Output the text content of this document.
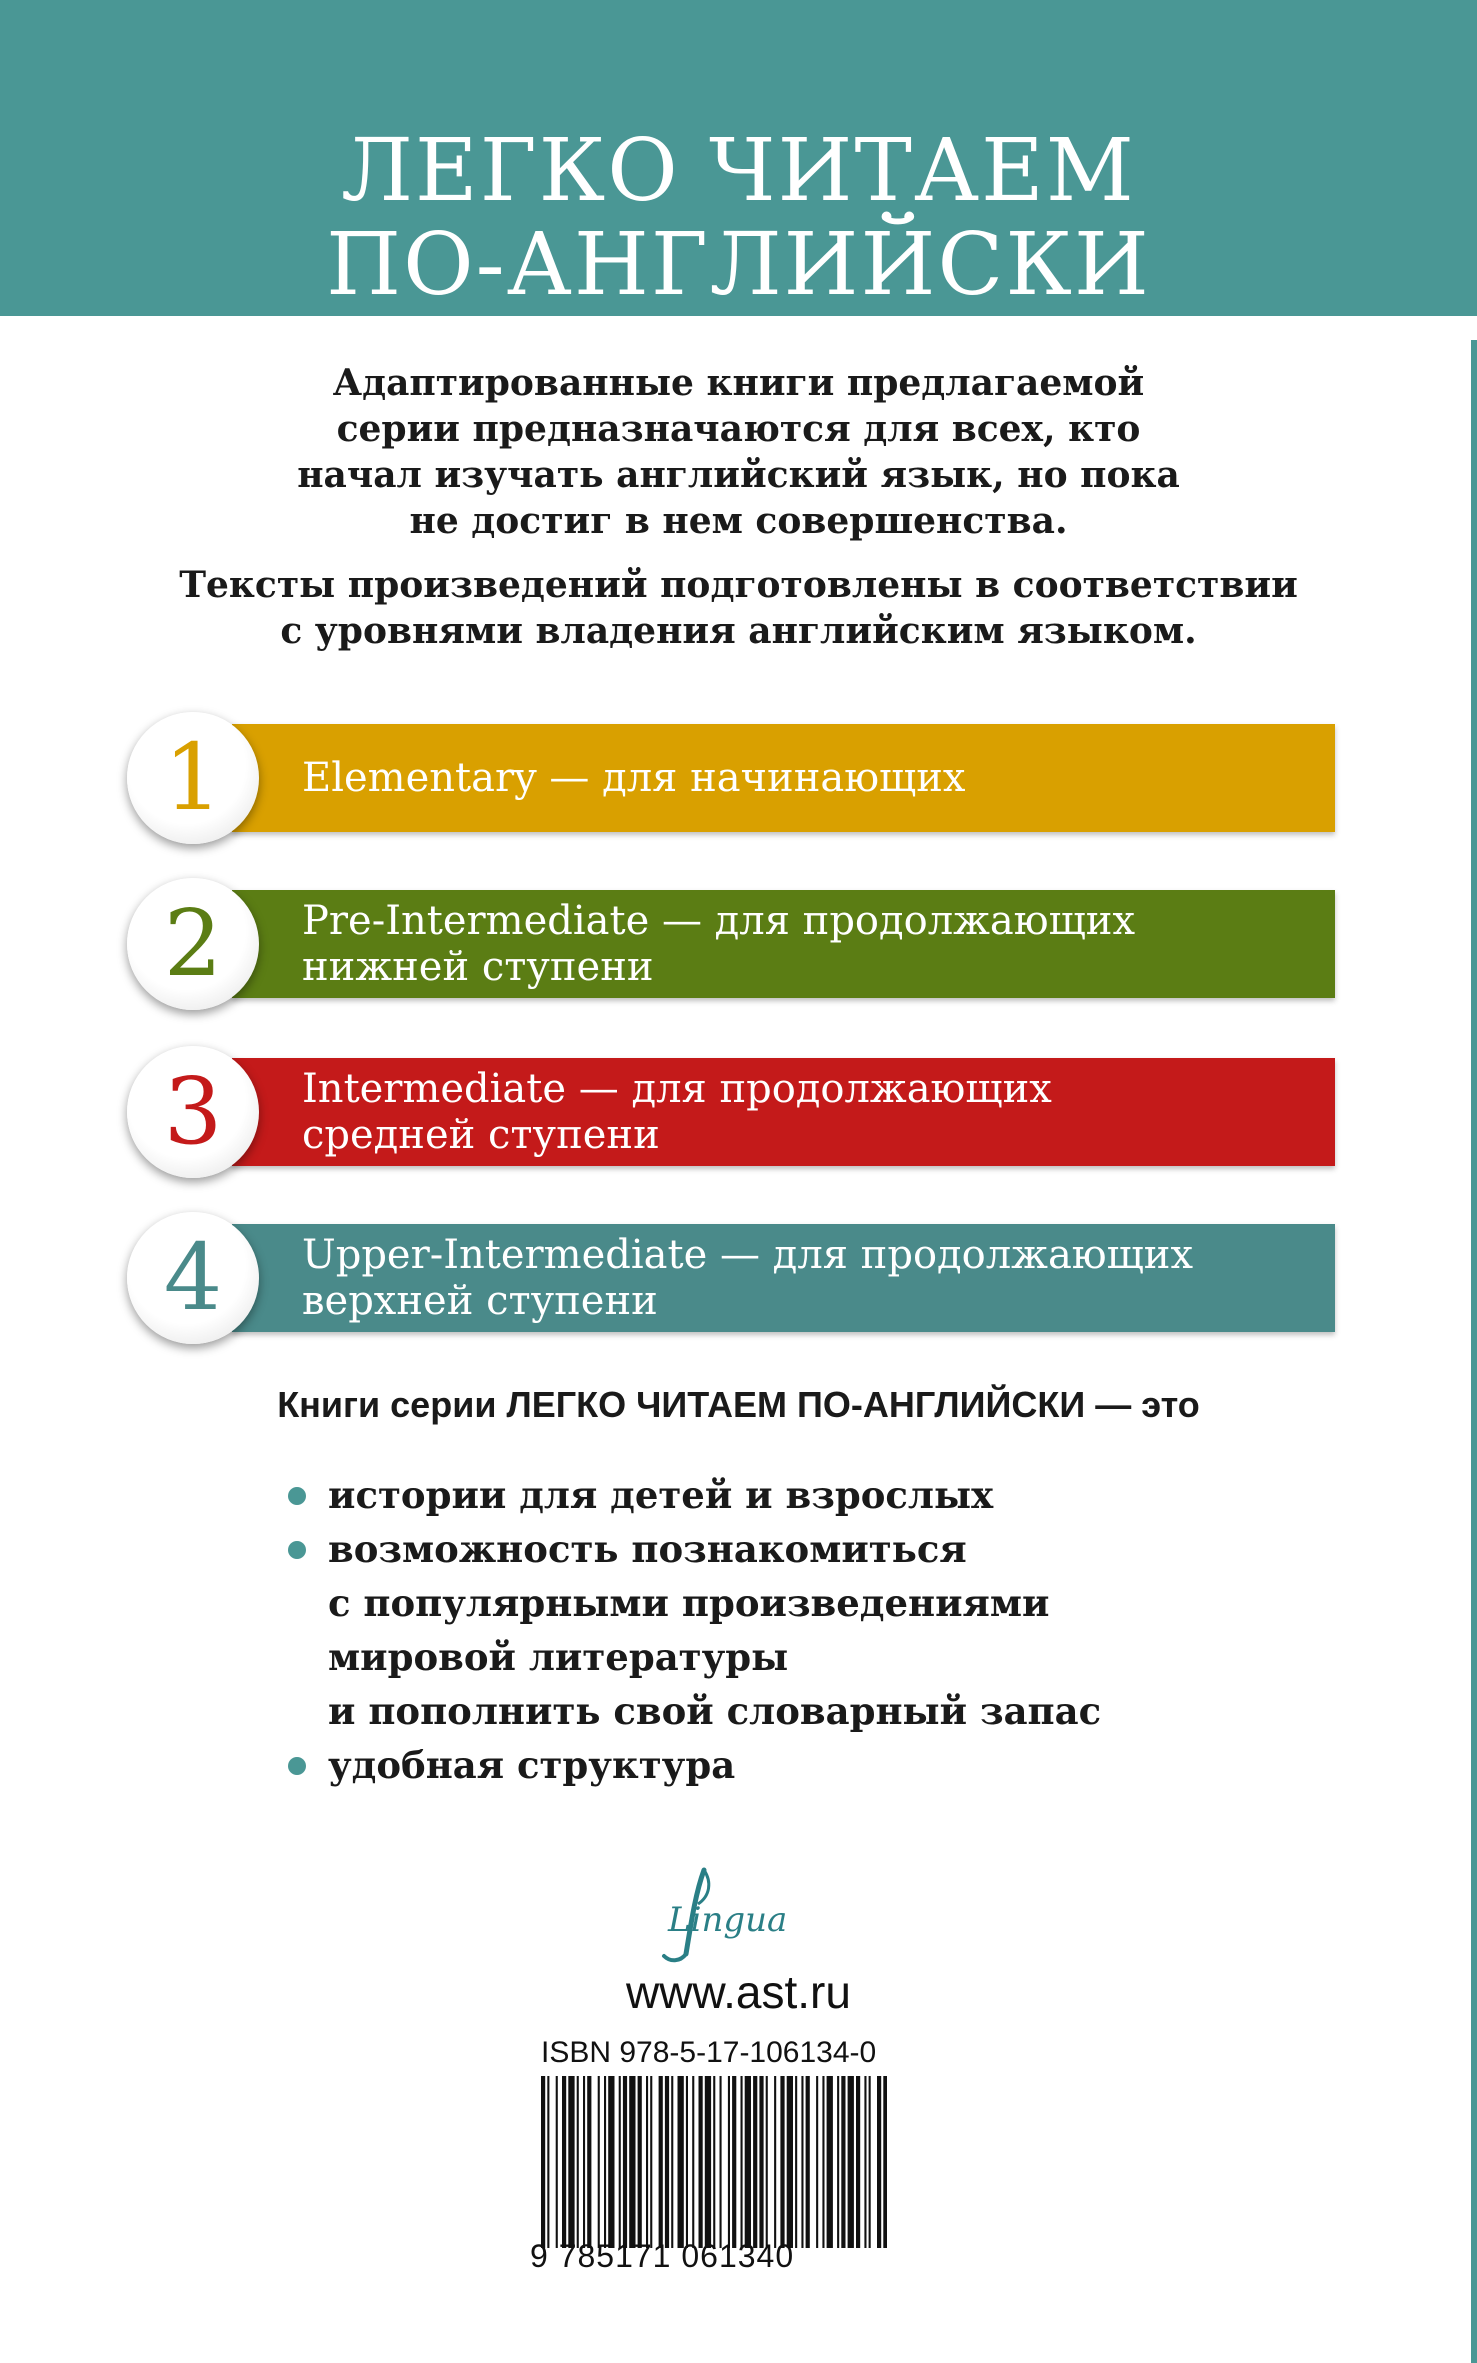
ЛЕГКО ЧИТАЕМ
ПО-АНГЛИЙСКИ

Адаптированные книги предлагаемой серии предназначаются для всех, кто начал изучать английский язык, но пока не достиг в нем совершенства.

Тексты произведений подготовлены в соответствии
с уровнями владения английским языком.

1	Elementary — для начинающих

2	Pre-Intermediate — для продолжающих
нижней ступени
3	Intermediate — для продолжающих
средней ступени
4	Upper-Intermediate — для продолжающих
верхней ступени
Книги серии ЛЕГКО ЧИТАЕМ ПО-АНГЛИЙСКИ — это
истории для детей и взрослых
возможность познакомиться
с популярными произведениями
мировой литературы
и пополнить свой словарный запас
удобная структура
Lingua
www.ast.ru
ISBN 978-5-17-106134-0
9 785171 061340
